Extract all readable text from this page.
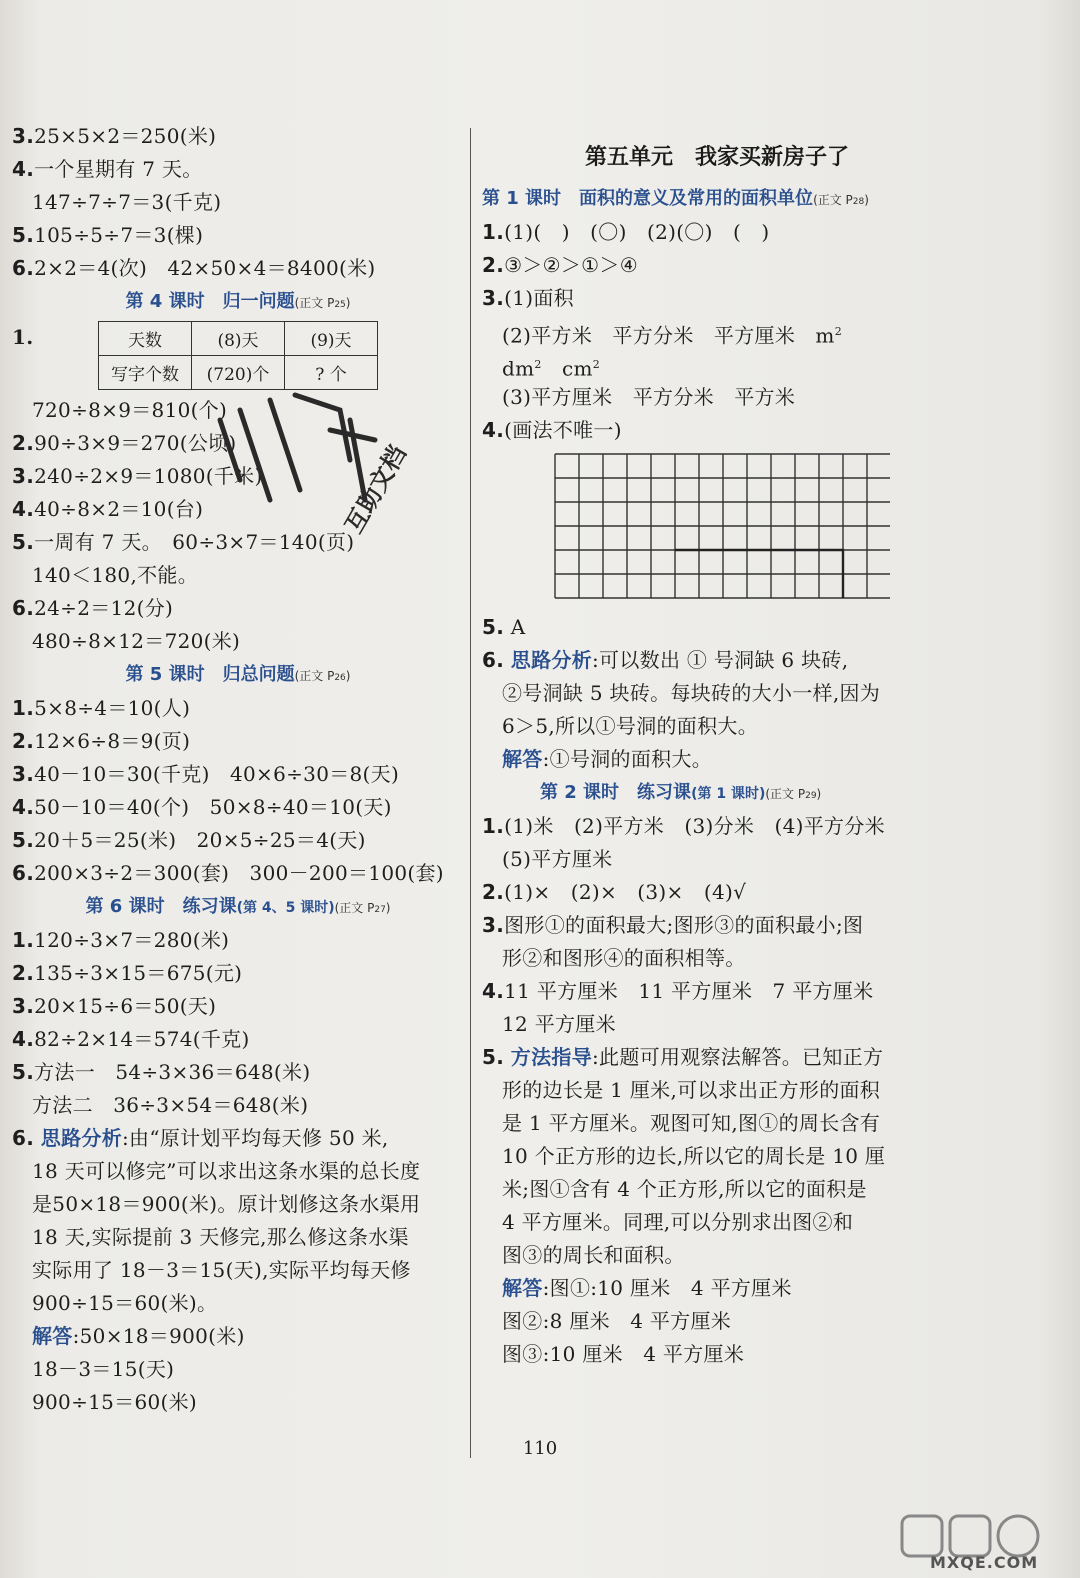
3.25×5×2＝250(米)
4.一个星期有 7 天。
147÷7÷7＝3(千克)
5.105÷5÷7＝3(棵)
6.2×2＝4(次)　42×50×4＝8400(米)
第 4 课时　归一问题(正文 P25)
1.	天数	(8)天	(9)天
写字个数	(720)个	? 个
720÷8×9＝810(个)
2.90÷3×9＝270(公顷)
3.240÷2×9＝1080(千米)
4.40÷8×2＝10(台)
5.一周有 7 天。　60÷3×7＝140(页)
140＜180,不能。
6.24÷2＝12(分)
480÷8×12＝720(米)
第 5 课时　归总问题(正文 P26)
1.5×8÷4＝10(人)
2.12×6÷8＝9(页)
3.40－10＝30(千克)　40×6÷30＝8(天)
4.50－10＝40(个)　50×8÷40＝10(天)
5.20＋5＝25(米)　20×5÷25＝4(天)
6.200×3÷2＝300(套)　300－200＝100(套)
第 6 课时　练习课(第 4、5 课时)(正文 P27)
1.120÷3×7＝280(米)
2.135÷3×15＝675(元)
3.20×15÷6＝50(天)
4.82÷2×14＝574(千克)
5.方法一　54÷3×36＝648(米)
方法二　36÷3×54＝648(米)
6. 思路分析:由“原计划平均每天修 50 米,
18 天可以修完”可以求出这条水渠的总长度
是50×18＝900(米)。原计划修这条水渠用
18 天,实际提前 3 天修完,那么修这条水渠
实际用了 18－3＝15(天),实际平均每天修
900÷15＝60(米)。
解答:50×18＝900(米)
18－3＝15(天)
900÷15＝60(米)
互助文档
第五单元　我家买新房子了
第 1 课时　面积的意义及常用的面积单位(正文 P28)
1.(1)(　)　(〇)　(2)(〇)　(　)
2.③＞②＞①＞④
3.(1)面积
(2)平方米　平方分米　平方厘米　$m^2$
$dm^2$　$cm^2$
(3)平方厘米　平方分米　平方米
4.(画法不唯一)
5. A
6. 思路分析:可以数出 ① 号洞缺 6 块砖,
②号洞缺 5 块砖。每块砖的大小一样,因为
6＞5,所以①号洞的面积大。
解答:①号洞的面积大。
第 2 课时　练习课(第 1 课时)(正文 P29)
1.(1)米　(2)平方米　(3)分米　(4)平方分米
(5)平方厘米
2.(1)×　(2)×　(3)×　(4)√
3.图形①的面积最大;图形③的面积最小;图
形②和图形④的面积相等。
4.11 平方厘米　11 平方厘米　7 平方厘米
12 平方厘米
5. 方法指导:此题可用观察法解答。已知正方
形的边长是 1 厘米,可以求出正方形的面积
是 1 平方厘米。观图可知,图①的周长含有
10 个正方形的边长,所以它的周长是 10 厘
米;图①含有 4 个正方形,所以它的面积是
4 平方厘米。同理,可以分别求出图②和
图③的周长和面积。
解答:图①:10 厘米　4 平方厘米
图②:8 厘米　4 平方厘米
图③:10 厘米　4 平方厘米
110
MXQE.COM
